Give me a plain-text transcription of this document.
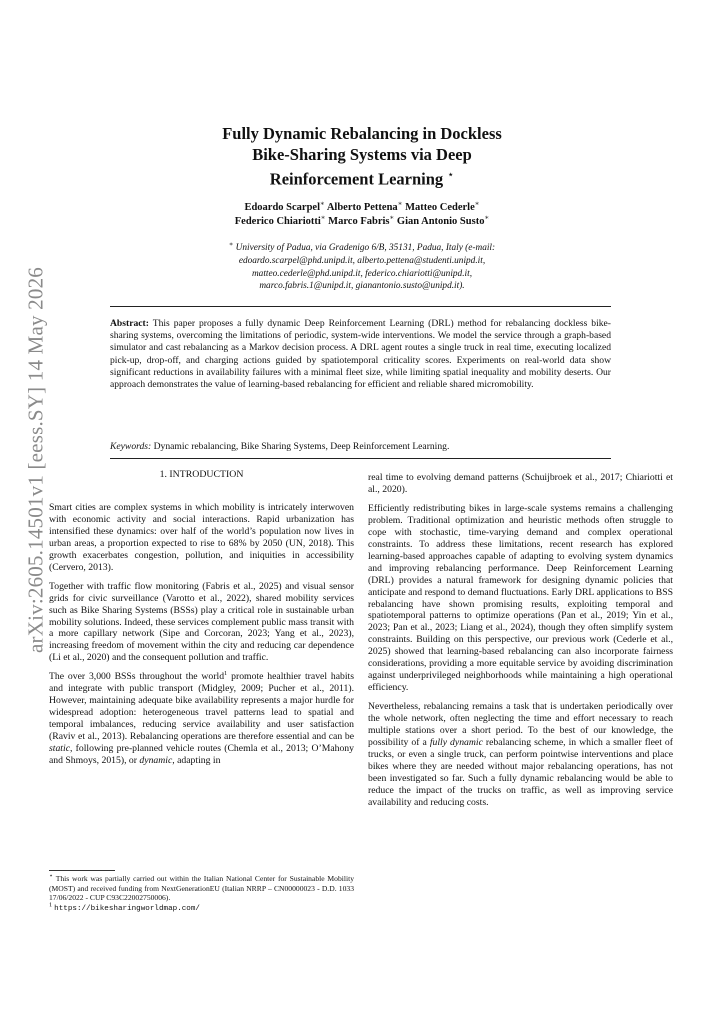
arXiv:2605.14501v1 [eess.SY] 14 May 2026
Fully Dynamic Rebalancing in Dockless
Bike-Sharing Systems via Deep
Reinforcement Learning ⋆
Edoardo Scarpel∗ Alberto Pettena∗ Matteo Cederle∗
Federico Chiariotti∗ Marco Fabris∗ Gian Antonio Susto∗
∗ University of Padua, via Gradenigo 6/B, 35131, Padua, Italy (e-mail:
edoardo.scarpel@phd.unipd.it, alberto.pettena@studenti.unipd.it,
matteo.cederle@phd.unipd.it, federico.chiariotti@unipd.it,
marco.fabris.1@unipd.it, gianantonio.susto@unipd.it).
Abstract: This paper proposes a fully dynamic Deep Reinforcement Learning (DRL) method for rebalancing dockless bike-sharing systems, overcoming the limitations of periodic, system-wide interventions. We model the service through a graph-based simulator and cast rebalancing as a Markov decision process. A DRL agent routes a single truck in real time, executing localized pick-up, drop-off, and charging actions guided by spatiotemporal criticality scores. Experiments on real-world data show significant reductions in availability failures with a minimal fleet size, while limiting spatial inequality and mobility deserts. Our approach demonstrates the value of learning-based rebalancing for efficient and reliable shared micromobility.
Keywords: Dynamic rebalancing, Bike Sharing Systems, Deep Reinforcement Learning.
1. INTRODUCTION

Smart cities are complex systems in which mobility is intricately interwoven with economic activity and social interactions. Rapid urbanization has intensified these dynamics: over half of the world’s population now lives in urban areas, a proportion expected to rise to 68% by 2050 (UN, 2018). This growth exacerbates congestion, pollution, and iniquities in accessibility (Cervero, 2013).

Together with traffic flow monitoring (Fabris et al., 2025) and visual sensor grids for civic surveillance (Varotto et al., 2022), shared mobility services such as Bike Sharing Systems (BSSs) play a critical role in sustainable urban mobility solutions. Indeed, these services complement public mass transit with a more capillary network (Sipe and Corcoran, 2023; Yang et al., 2023), increasing freedom of movement within the city and reducing car dependence (Li et al., 2020) and the consequent pollution and traffic.

The over 3,000 BSSs throughout the world$^1$ promote healthier travel habits and integrate with public transport (Midgley, 2009; Pucher et al., 2011). However, maintaining adequate bike availability represents a major hurdle for widespread adoption: heterogeneous travel patterns lead to spatial and temporal imbalances, reducing service availability and user satisfaction (Raviv et al., 2013). Rebalancing operations are therefore essential and can be static, following pre-planned vehicle routes (Chemla et al., 2013; O’Mahony and Shmoys, 2015), or dynamic, adapting in

⋆ This work was partially carried out within the Italian National Center for Sustainable Mobility (MOST) and received funding from NextGenerationEU (Italian NRRP – CN00000023 - D.D. 1033 17/06/2022 - CUP C93C22002750006).

$^1$ https://bikesharingworldmap.com/

real time to evolving demand patterns (Schuijbroek et al., 2017; Chiariotti et al., 2020).

Efficiently redistributing bikes in large-scale systems remains a challenging problem. Traditional optimization and heuristic methods often struggle to cope with stochastic, time-varying demand and complex operational constraints. To address these limitations, recent research has explored learning-based approaches capable of adapting to evolving system dynamics and improving rebalancing performance. Deep Reinforcement Learning (DRL) provides a natural framework for designing dynamic policies that anticipate and respond to demand fluctuations. Early DRL applications to BSS rebalancing have shown promising results, exploiting temporal and spatiotemporal patterns to optimize operations (Pan et al., 2019; Yin et al., 2023; Pan et al., 2023; Liang et al., 2024), though they often simplify system constraints. Building on this perspective, our previous work (Cederle et al., 2025) showed that learning-based rebalancing can also incorporate fairness considerations, providing a more equitable service by avoiding discrimination against underprivileged neighborhoods while maintaining a high operational efficiency.

Nevertheless, rebalancing remains a task that is undertaken periodically over the whole network, often neglecting the time and effort necessary to reach multiple stations over a short period. To the best of our knowledge, the possibility of a fully dynamic rebalancing scheme, in which a smaller fleet of trucks, or even a single truck, can perform pointwise interventions and place bikes where they are needed without major rebalancing operations, has not been investigated so far. Such a fully dynamic rebalancing would be able to reduce the impact of the trucks on traffic, as well as improving service availability and reducing costs.
